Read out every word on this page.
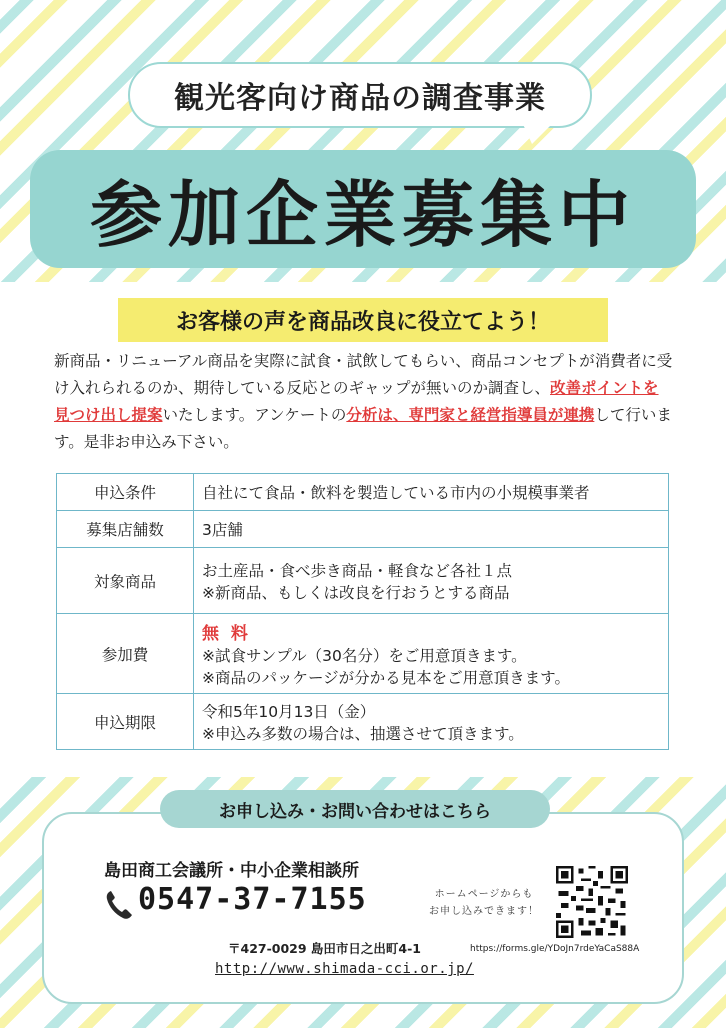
観光客向け商品の調査事業
参加企業募集中
お客様の声を商品改良に役立てよう！

新商品・リニューアル商品を実際に試食・試飲してもらい、商品コンセプトが消費者に受け入れられるのか、期待している反応とのギャップが無いのか調査し、改善ポイントを見つけ出し提案いたします。アンケートの分析は、専門家と経営指導員が連携して行います。是非お申込み下さい。

申込条件	自社にて食品・飲料を製造している市内の小規模事業者
募集店舗数	3店舗
対象商品	お土産品・食べ歩き商品・軽食など各社１点
※新商品、もしくは改良を行おうとする商品

参加費	無 料
※試食サンプル（30名分）をご用意頂きます。
※商品のパッケージが分かる見本をご用意頂きます。

申込期限	令和5年10月13日（金）
※申込み多数の場合は、抽選させて頂きます。
お申し込み・お問い合わせはこちら
島田商工会議所・中小企業相談所
0547-37-7155	ホームページからも
お申し込みできます！
〒427-0029 島田市日之出町4-1	https://forms.gle/YDoJn7rdeYaCaS88A
http://www.shimada-cci.or.jp/
